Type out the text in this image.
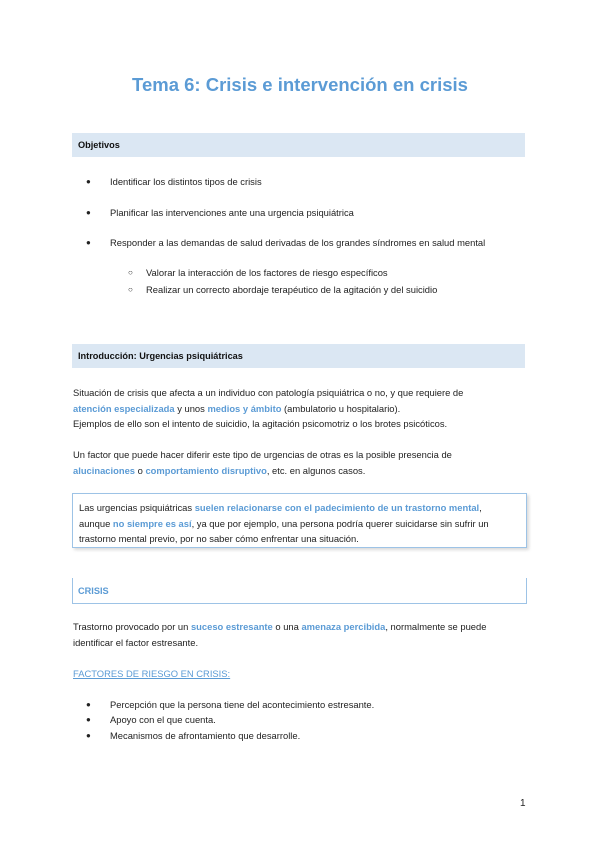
Tema 6: Crisis e intervención en crisis
Objetivos
● Identificar los distintos tipos de crisis
● Planificar las intervenciones ante una urgencia psiquiátrica
● Responder a las demandas de salud derivadas de los grandes síndromes en salud mental
○ Valorar la interacción de los factores de riesgo específicos
○ Realizar un correcto abordaje terapéutico de la agitación y del suicidio
Introducción: Urgencias psiquiátricas
Situación de crisis que afecta a un individuo con patología psiquiátrica o no, y que requiere de
atención especializada y unos medios y ámbito (ambulatorio u hospitalario).
Ejemplos de ello son el intento de suicidio, la agitación psicomotriz o los brotes psicóticos.
Un factor que puede hacer diferir este tipo de urgencias de otras es la posible presencia de
alucinaciones o comportamiento disruptivo, etc. en algunos casos.
Las urgencias psiquiátricas suelen relacionarse con el padecimiento de un trastorno mental,
aunque no siempre es así, ya que por ejemplo, una persona podría querer suicidarse sin sufrir un
trastorno mental previo, por no saber cómo enfrentar una situación.
CRISIS
Trastorno provocado por un suceso estresante o una amenaza percibida, normalmente se puede
identificar el factor estresante.
FACTORES DE RIESGO EN CRISIS:
● Percepción que la persona tiene del acontecimiento estresante.
● Apoyo con el que cuenta.
● Mecanismos de afrontamiento que desarrolle.
1
